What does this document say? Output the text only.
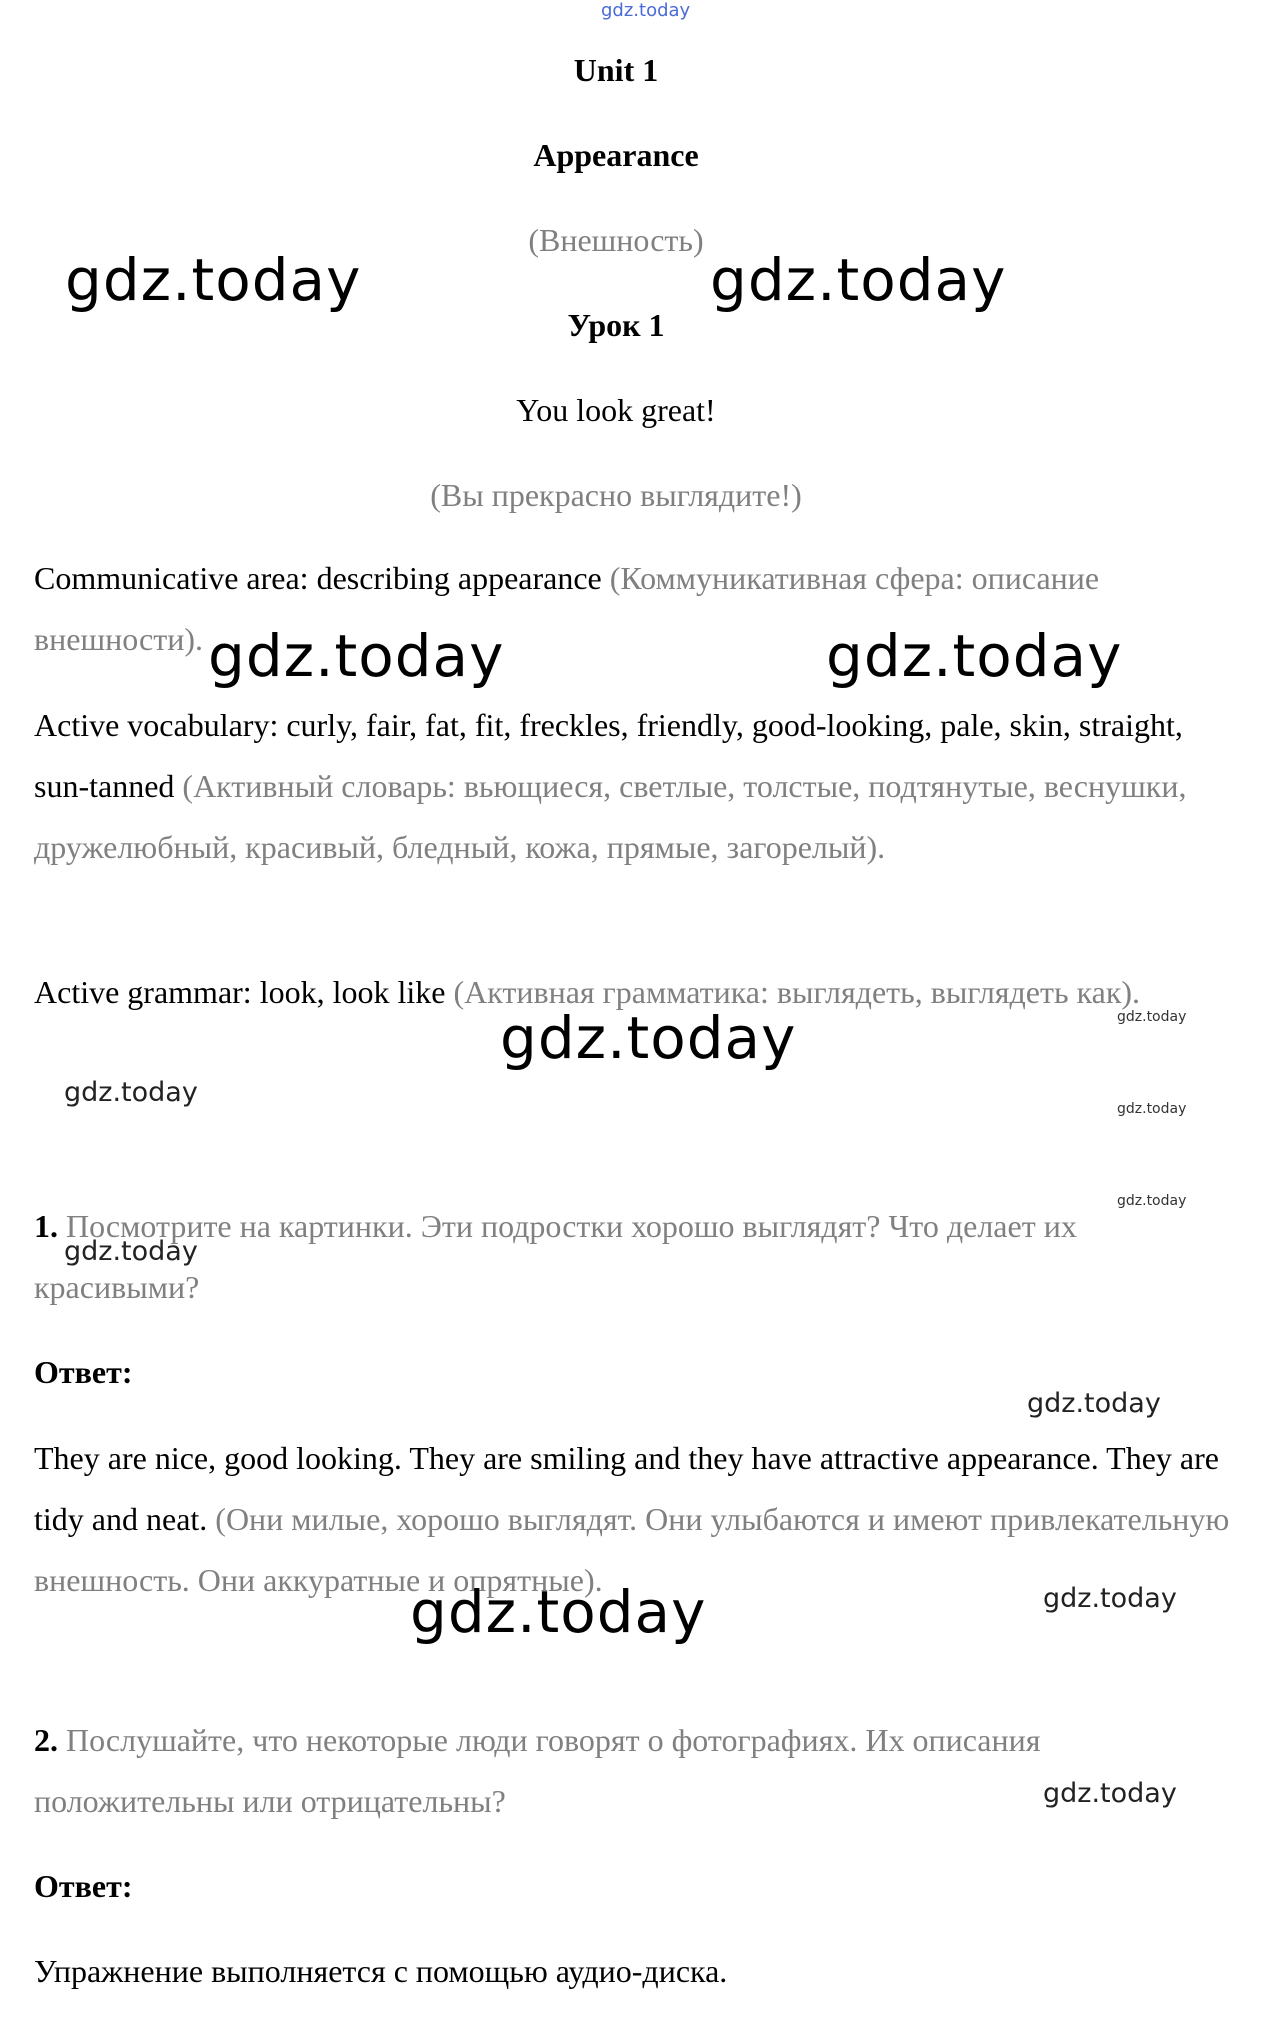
gdz.today
Unit 1
Appearance
(Внешность)
Урок 1
You look great!
(Вы прекрасно выглядите!)
Communicative area: describing appearance (Коммуникативная сфера: описание внешности).
Active vocabulary: curly, fair, fat, fit, freckles, friendly, good-looking, pale, skin, straight, sun-tanned (Активный словарь: вьющиеся, светлые, толстые, подтянутые, веснушки, дружелюбный, красивый, бледный, кожа, прямые, загорелый).
Active grammar: look, look like (Активная грамматика: выглядеть, выглядеть как).
1. Посмотрите на картинки. Эти подростки хорошо выглядят? Что делает их красивыми?
Ответ:
They are nice, good looking. They are smiling and they have attractive appearance. They are tidy and neat. (Они милые, хорошо выглядят. Они улыбаются и имеют привлекательную внешность. Они аккуратные и опрятные).
2. Послушайте, что некоторые люди говорят о фотографиях. Их описания положительны или отрицательны?
Ответ:
Упражнение выполняется с помощью аудио-диска.
gdz.today	gdz.today
gdz.today	gdz.today
gdz.today
gdz.today
gdz.today
gdz.today
gdz.today
gdz.today
gdz.today
gdz.today
gdz.today
gdz.today
